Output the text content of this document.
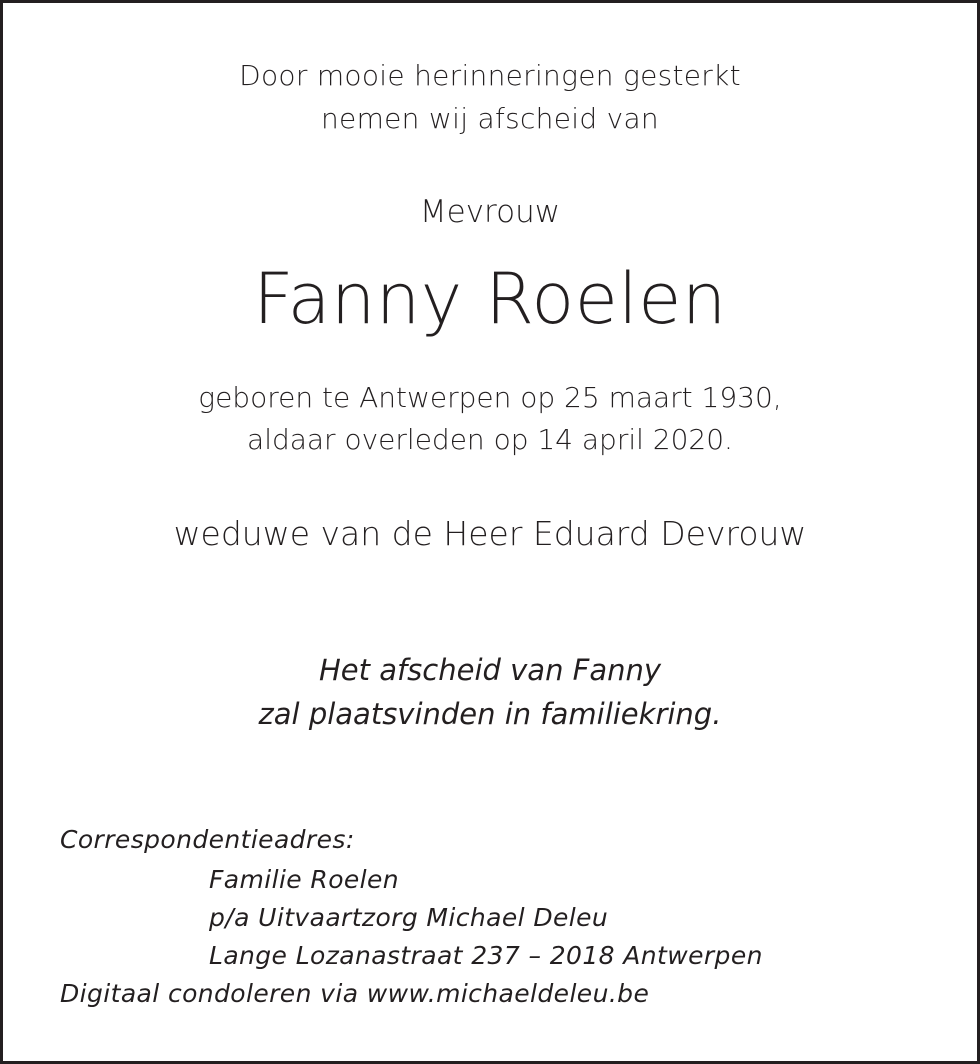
Door mooie herinneringen gesterkt
nemen wij afscheid van
Mevrouw
Fanny Roelen
geboren te Antwerpen op 25 maart 1930,
aldaar overleden op 14 april 2020.
weduwe van de Heer Eduard Devrouw
Het afscheid van Fanny
zal plaatsvinden in familiekring.
Correspondentieadres:
Familie Roelen
p/a Uitvaartzorg Michael Deleu
Lange Lozanastraat 237 – 2018 Antwerpen
Digitaal condoleren via www.michaeldeleu.be
